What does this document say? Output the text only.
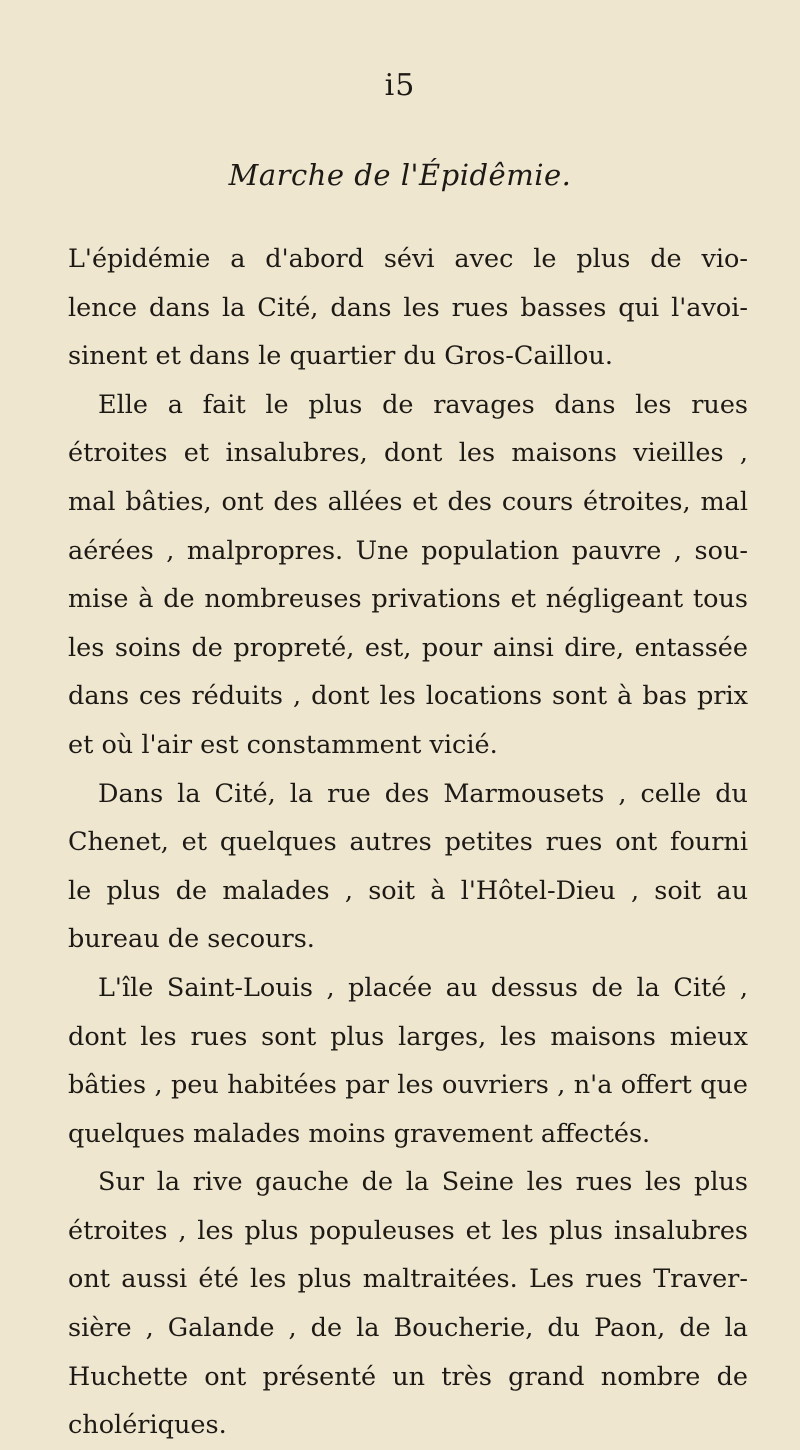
i5
Marche de l'Épidêmie.
L'épidémie a d'abord sévi avec le plus de vio-
lence dans la Cité, dans les rues basses qui l'avoi-
sinent et dans le quartier du Gros-Caillou.
Elle a fait le plus de ravages dans les rues
étroites et insalubres, dont les maisons vieilles ,
mal bâties, ont des allées et des cours étroites, mal
aérées , malpropres. Une population pauvre , sou-
mise à de nombreuses privations et négligeant tous
les soins de propreté, est, pour ainsi dire, entassée
dans ces réduits , dont les locations sont à bas prix
et où l'air est constamment vicié.
Dans la Cité, la rue des Marmousets , celle du
Chenet, et quelques autres petites rues ont fourni
le plus de malades , soit à l'Hôtel-Dieu , soit au
bureau de secours.
L'île Saint-Louis , placée au dessus de la Cité ,
dont les rues sont plus larges, les maisons mieux
bâties , peu habitées par les ouvriers , n'a offert que
quelques malades moins gravement affectés.
Sur la rive gauche de la Seine les rues les plus
étroites , les plus populeuses et les plus insalubres
ont aussi été les plus maltraitées. Les rues Traver-
sière , Galande , de la Boucherie, du Paon, de la
Huchette ont présenté un très grand nombre de
cholériques.
